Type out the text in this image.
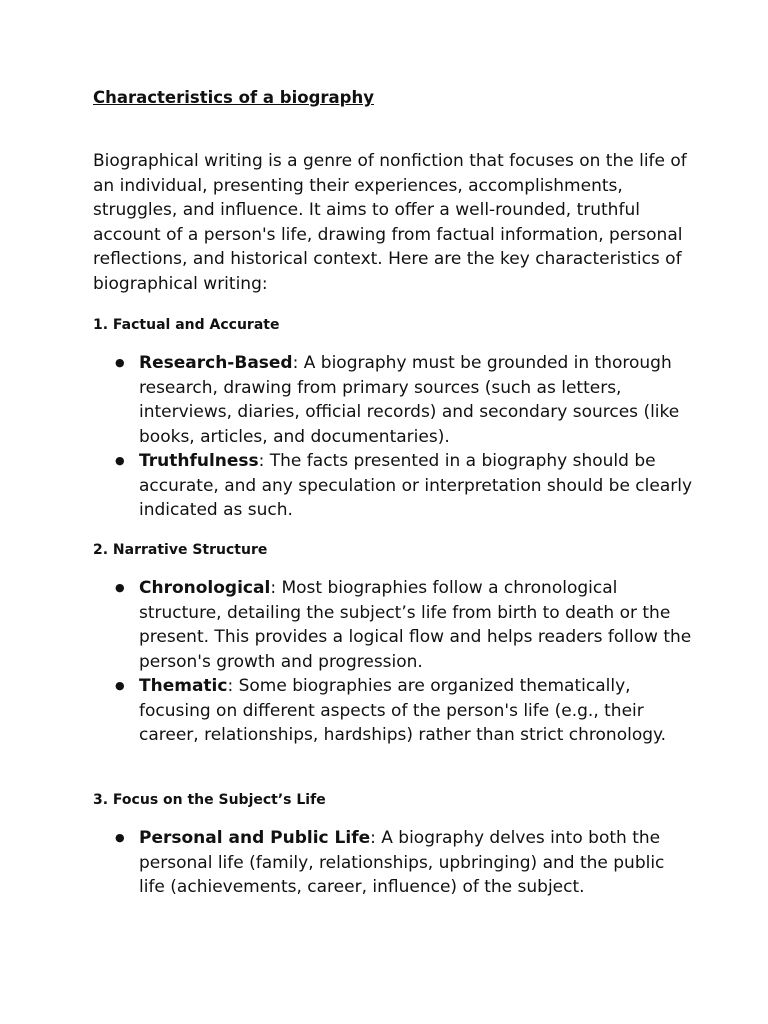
Characteristics of a biography

Biographical writing is a genre of nonfiction that focuses on the life of an individual, presenting their experiences, accomplishments, struggles, and influence. It aims to offer a well-rounded, truthful account of a person's life, drawing from factual information, personal reflections, and historical context. Here are the key characteristics of biographical writing:

1. Factual and Accurate
● Research-Based: A biography must be grounded in thorough research, drawing from primary sources (such as letters, interviews, diaries, official records) and secondary sources (like books, articles, and documentaries).
● Truthfulness: The facts presented in a biography should be accurate, and any speculation or interpretation should be clearly indicated as such.
2. Narrative Structure
● Chronological: Most biographies follow a chronological structure, detailing the subject’s life from birth to death or the present. This provides a logical flow and helps readers follow the person's growth and progression.
● Thematic: Some biographies are organized thematically, focusing on different aspects of the person's life (e.g., their career, relationships, hardships) rather than strict chronology.
3. Focus on the Subject’s Life
● Personal and Public Life: A biography delves into both the personal life (family, relationships, upbringing) and the public life (achievements, career, influence) of the subject.
